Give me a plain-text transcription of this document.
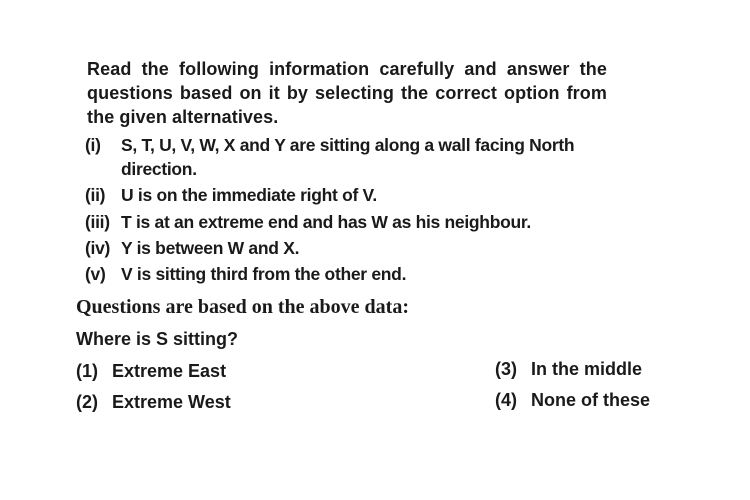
Read the following information carefully and answer the questions based on it by selecting the correct option from the given alternatives.
(i) S, T, U, V, W, X and Y are sitting along a wall facing North direction.
(ii) U is on the immediate right of V.
(iii) T is at an extreme end and has W as his neighbour.
(iv) Y is between W and X.
(v) V is sitting third from the other end.
Questions are based on the above data:
Where is S sitting?
(1) Extreme East
(2) Extreme West
(3) In the middle
(4) None of these
